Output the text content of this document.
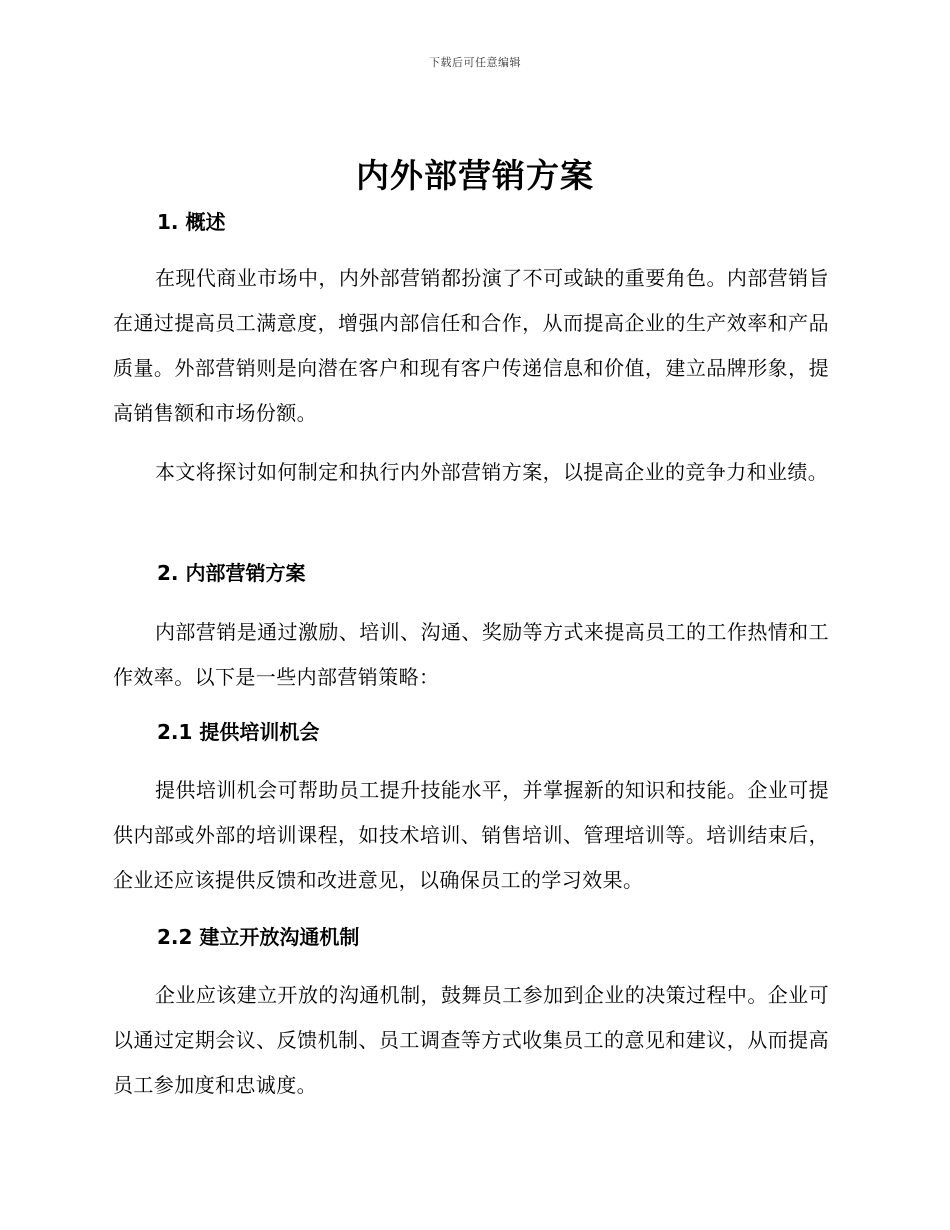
下载后可任意编辑
内外部营销方案
1. 概述
在现代商业市场中，内外部营销都扮演了不可或缺的重要角色。内部营销旨在通过提高员工满意度，增强内部信任和合作，从而提高企业的生产效率和产品质量。外部营销则是向潜在客户和现有客户传递信息和价值，建立品牌形象，提高销售额和市场份额。
本文将探讨如何制定和执行内外部营销方案，以提高企业的竞争力和业绩。
2. 内部营销方案
内部营销是通过激励、培训、沟通、奖励等方式来提高员工的工作热情和工作效率。以下是一些内部营销策略：
2.1 提供培训机会
提供培训机会可帮助员工提升技能水平，并掌握新的知识和技能。企业可提供内部或外部的培训课程，如技术培训、销售培训、管理培训等。培训结束后，企业还应该提供反馈和改进意见，以确保员工的学习效果。
2.2 建立开放沟通机制
企业应该建立开放的沟通机制，鼓舞员工参加到企业的决策过程中。企业可以通过定期会议、反馈机制、员工调查等方式收集员工的意见和建议，从而提高员工参加度和忠诚度。
